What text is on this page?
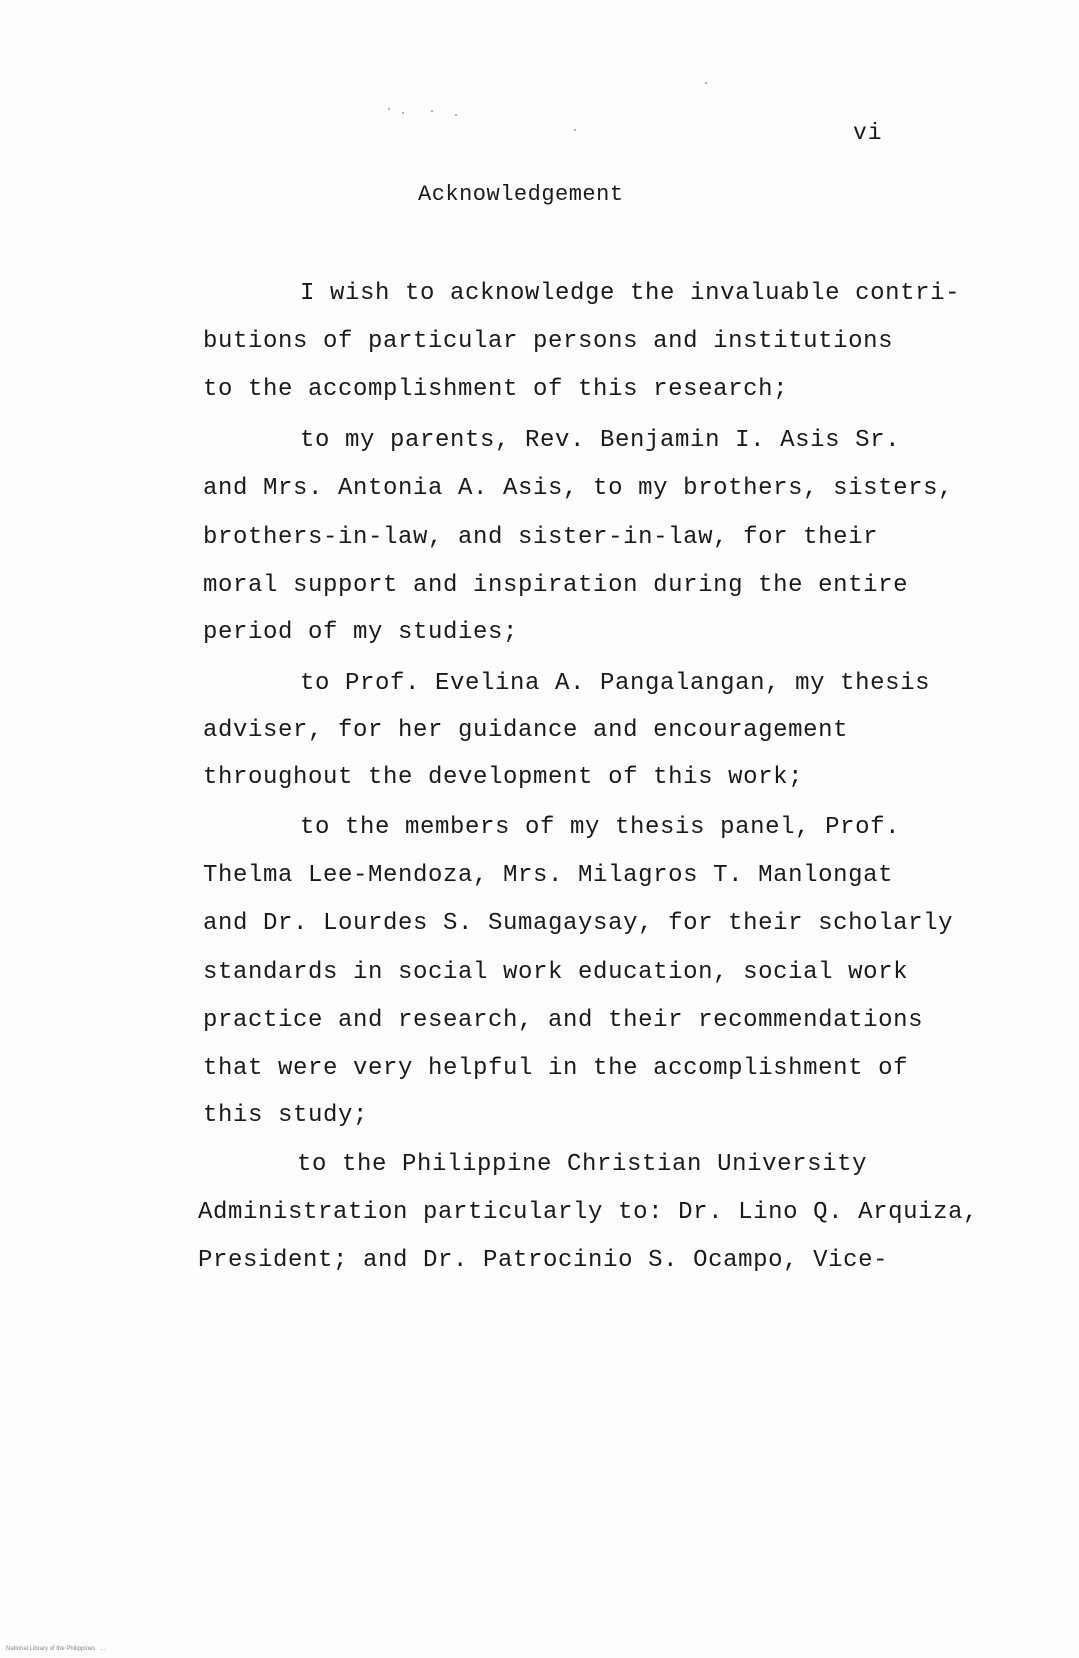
vi
Acknowledgement
I wish to acknowledge the invaluable contri-
butions of particular persons and institutions
to the accomplishment of this research;
to my parents, Rev. Benjamin I. Asis Sr.
and Mrs. Antonia A. Asis, to my brothers, sisters,
brothers-in-law, and sister-in-law, for their
moral support and inspiration during the entire
period of my studies;
to Prof. Evelina A. Pangalangan, my thesis
adviser, for her guidance and encouragement
throughout the development of this work;
to the members of my thesis panel, Prof.
Thelma Lee-Mendoza, Mrs. Milagros T. Manlongat
and Dr. Lourdes S. Sumagaysay, for their scholarly
standards in social work education, social work
practice and research, and their recommendations
that were very helpful in the accomplishment of
this study;
to the Philippine Christian University
Administration particularly to: Dr. Lino Q. Arquiza,
President; and Dr. Patrocinio S. Ocampo, Vice-
National Library of the Philippines   ...
